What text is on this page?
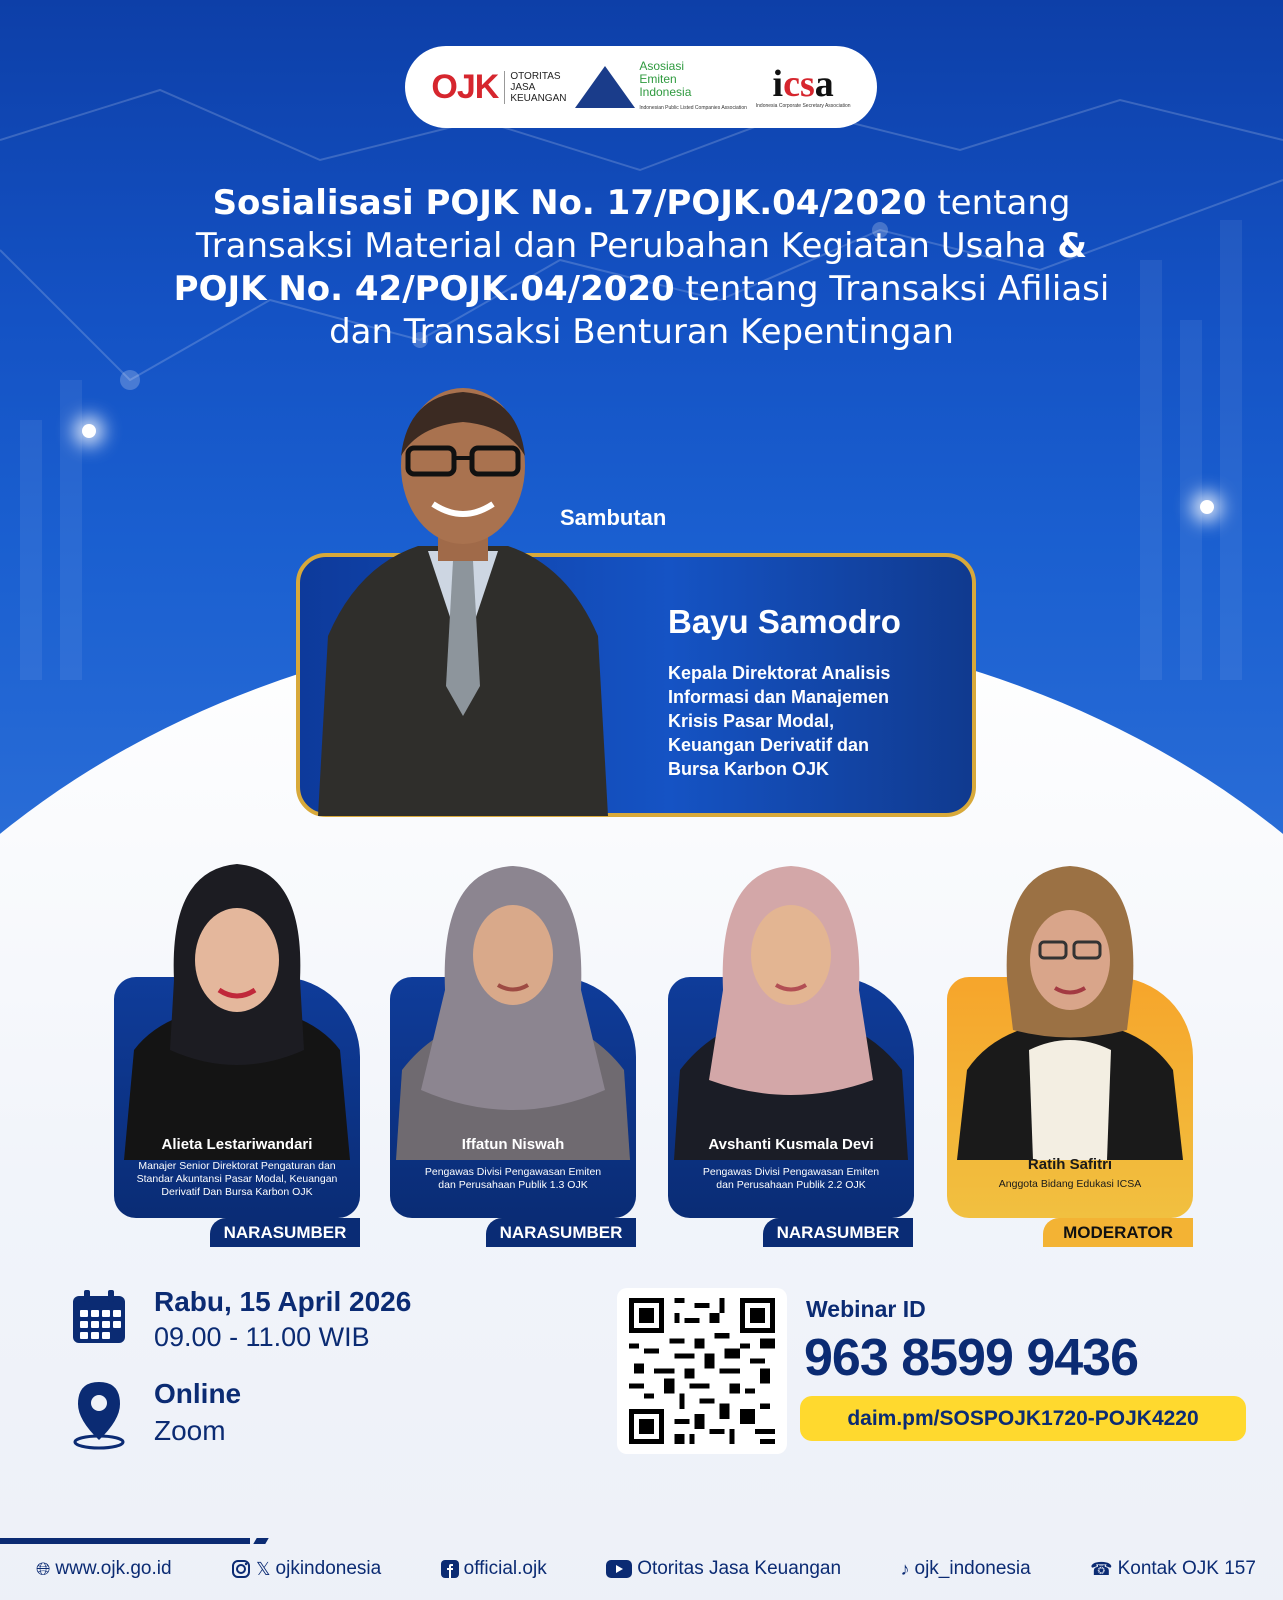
OJK	OTORITAS
JASA
KEUANGAN
Asosiasi
Emiten
Indonesia
Indonesian Public Listed Companies Association
icsa
Indonesia Corporate Secretary Association
Sosialisasi POJK No. 17/POJK.04/2020 tentang
Transaksi Material dan Perubahan Kegiatan Usaha &
POJK No. 42/POJK.04/2020 tentang Transaksi Afiliasi
dan Transaksi Benturan Kepentingan
Sambutan
Bayu Samodro
Kepala Direktorat Analisis
Informasi dan Manajemen
Krisis Pasar Modal,
Keuangan Derivatif dan
Bursa Karbon OJK
Alieta Lestariwandari
Manajer Senior Direktorat Pengaturan dan
Standar Akuntansi Pasar Modal, Keuangan
Derivatif Dan Bursa Karbon OJK
NARASUMBER
Iffatun Niswah
Pengawas Divisi Pengawasan Emiten
dan Perusahaan Publik 1.3 OJK
NARASUMBER
Avshanti Kusmala Devi
Pengawas Divisi Pengawasan Emiten
dan Perusahaan Publik 2.2 OJK
NARASUMBER
Ratih Safitri
Anggota Bidang Edukasi ICSA
MODERATOR
Rabu, 15 April 2026
09.00 - 11.00 WIB
Online
Zoom
Webinar ID
963 8599 9436
daim.pm/SOSPOJK1720-POJK4220
🌐︎ www.ojk.go.id	𝕏 ojkindonesia	official.ojk	Otoritas Jasa Keuangan	♪ ojk_indonesia	☎︎ Kontak OJK 157
